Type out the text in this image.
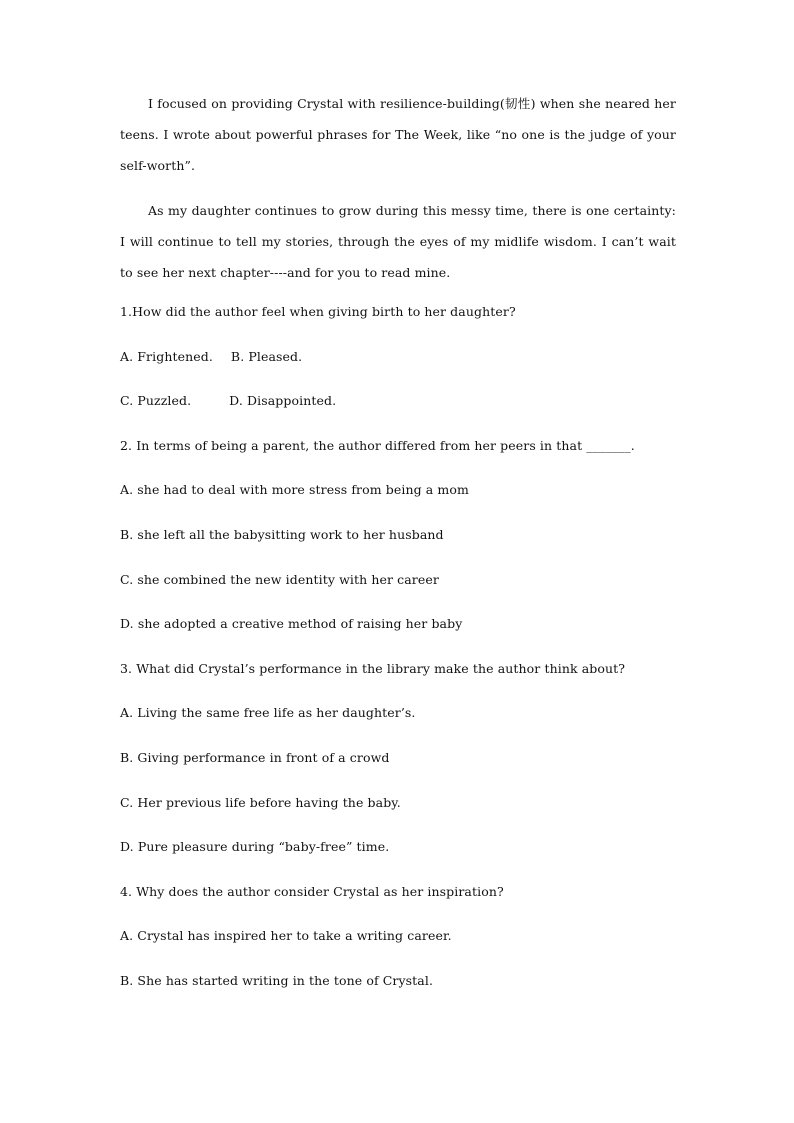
I focused on providing Crystal with resilience-building(韧性) when she neared her teens. I wrote about powerful phrases for The Week, like “no one is the judge of your self-worth”.

As my daughter continues to grow during this messy time, there is one certainty: I will continue to tell my stories, through the eyes of my midlife wisdom. I can’t wait to see her next chapter----and for you to read mine.

1.How did the author feel when giving birth to her daughter?

A. Frightened. B. Pleased.

C. Puzzled.	D. Disappointed.

2. In terms of being a parent, the author differed from her peers in that _______.

A. she had to deal with more stress from being a mom

B. she left all the babysitting work to her husband

C. she combined the new identity with her career

D. she adopted a creative method of raising her baby

3. What did Crystal’s performance in the library make the author think about?

A. Living the same free life as her daughter’s.

B. Giving performance in front of a crowd

C. Her previous life before having the baby.

D. Pure pleasure during “baby-free” time.

4. Why does the author consider Crystal as her inspiration?

A. Crystal has inspired her to take a writing career.

B. She has started writing in the tone of Crystal.
